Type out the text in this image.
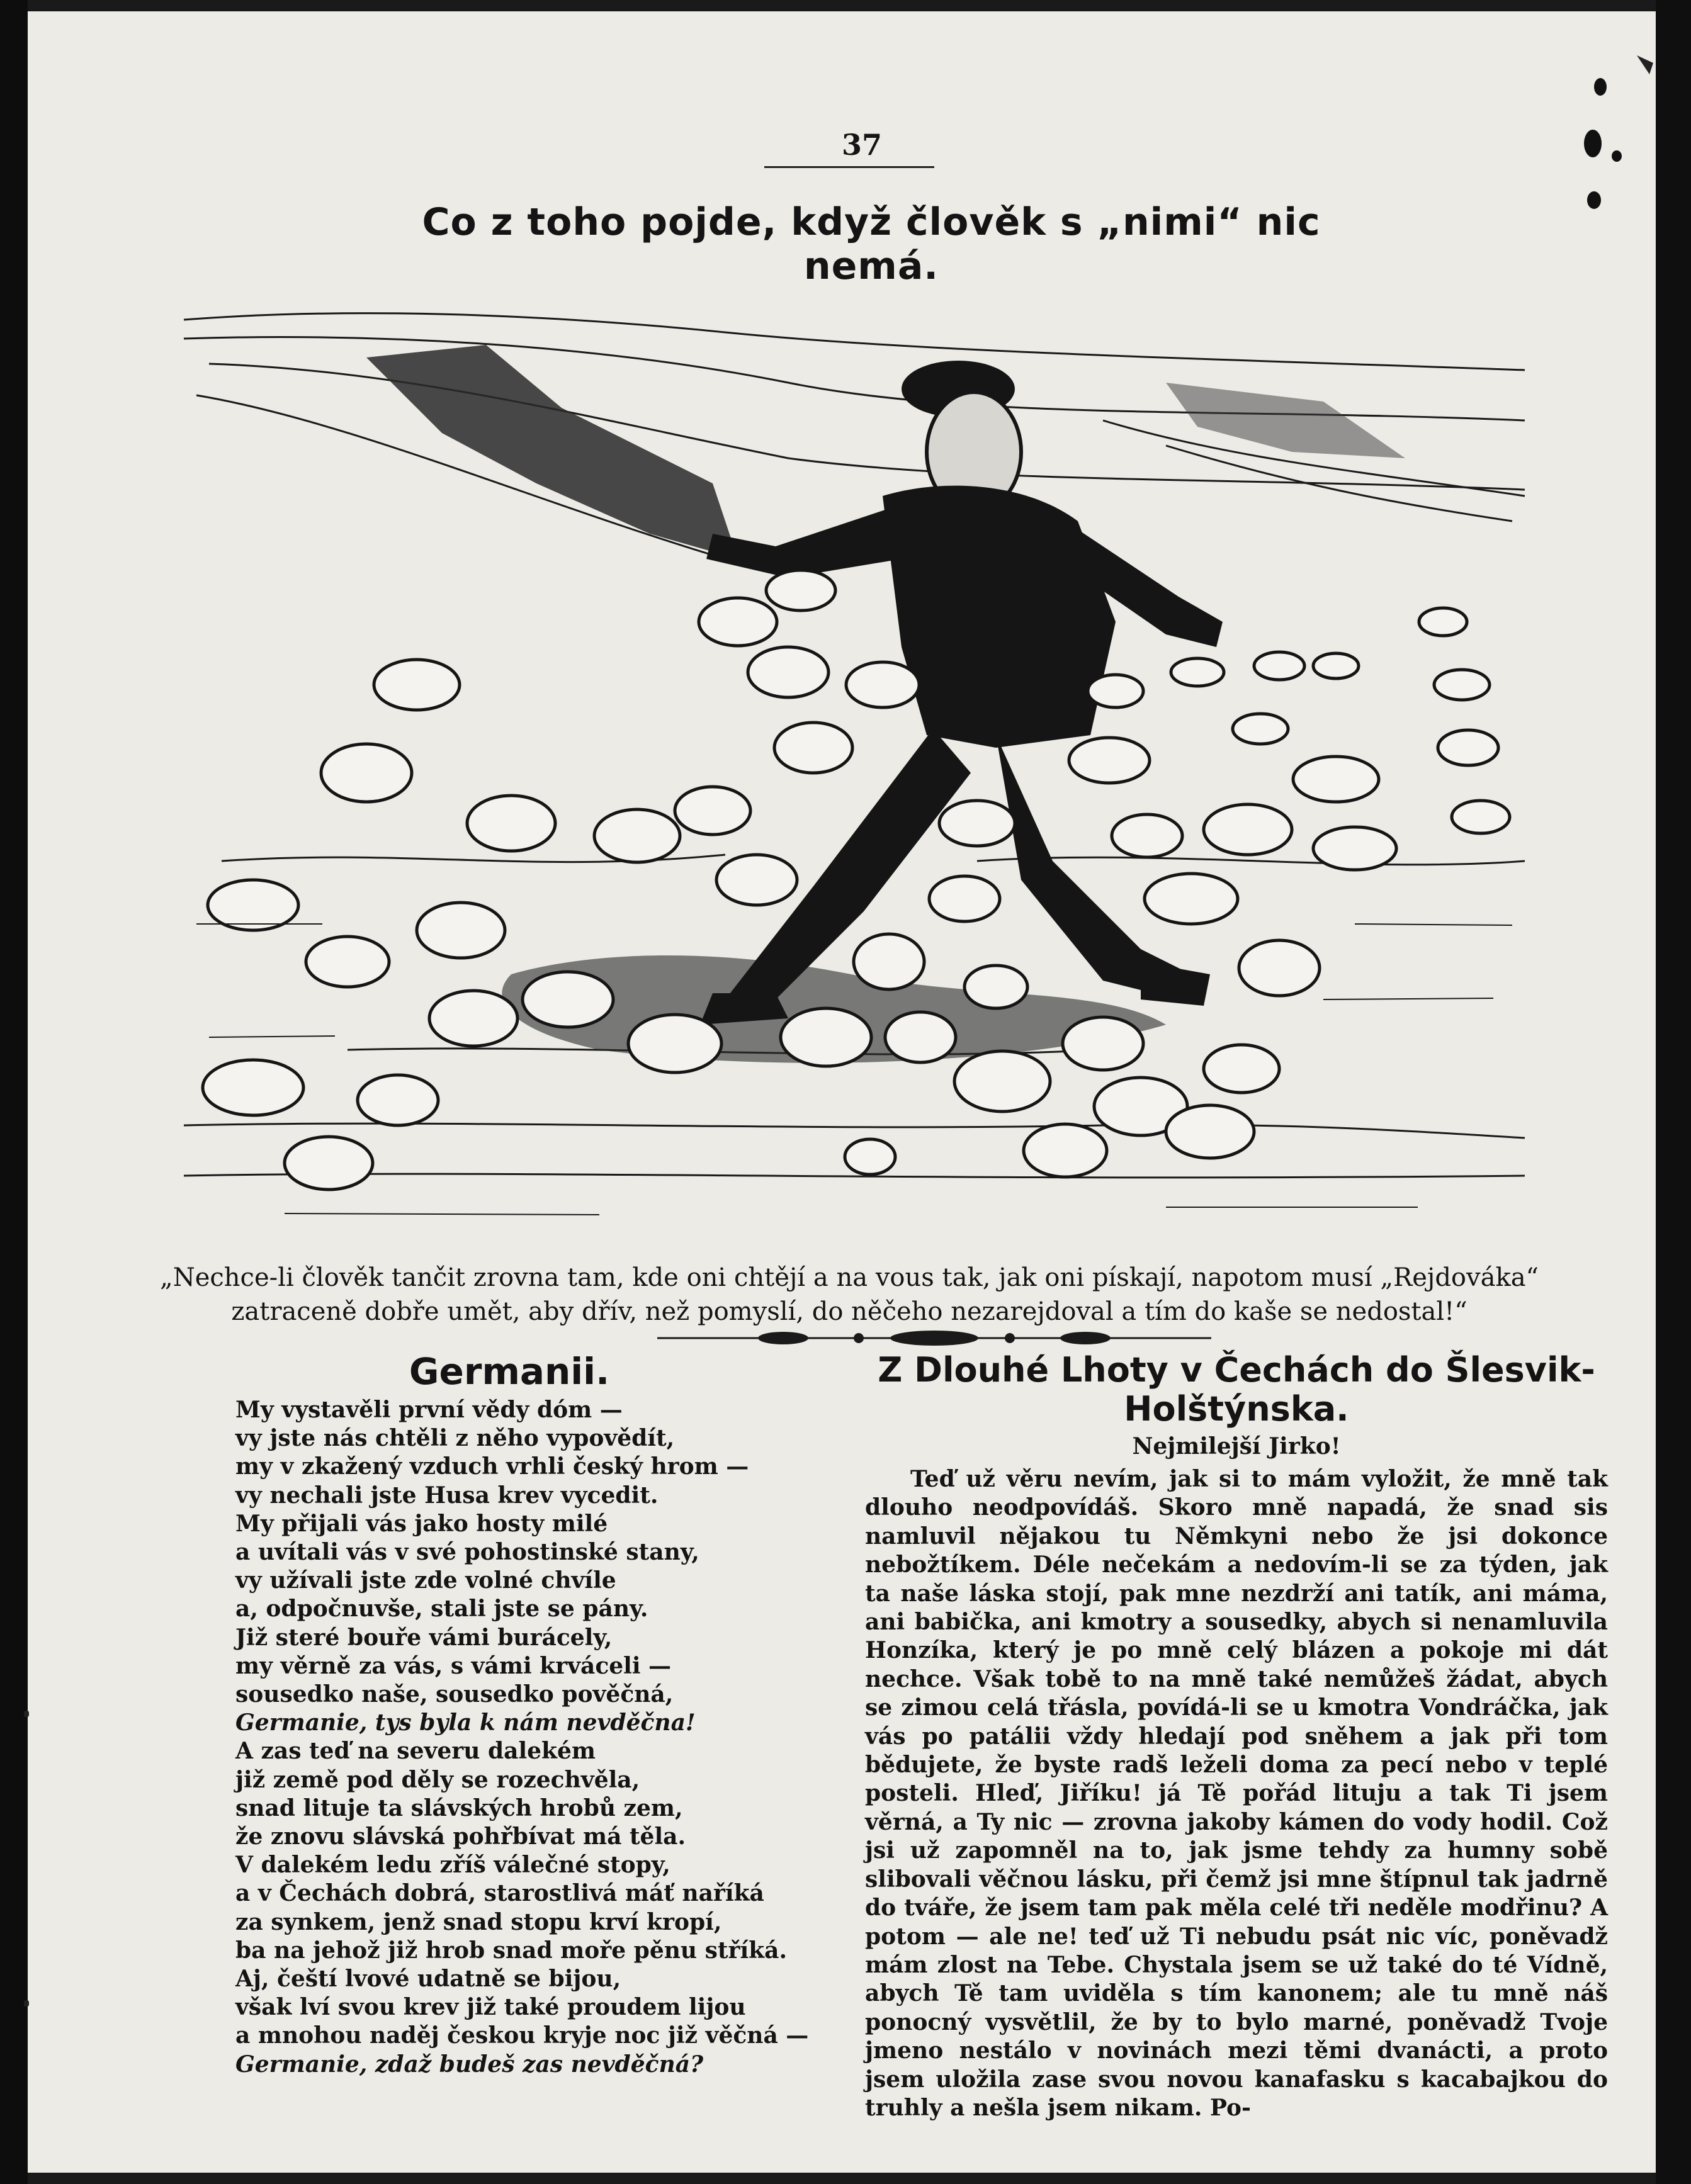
37
Co z toho pojde, když člověk s „nimi“ nic nemá.
„Nechce-li člověk tančit zrovna tam, kde oni chtějí a na vous tak, jak oni pískají, napotom musí „Rejdováka“ zatraceně dobře umět, aby dřív, než pomyslí, do něčeho nezarejdoval a tím do kaše se nedostal!“
Germanii.
My vystavěli první vědy dóm —
vy jste nás chtěli z něho vypovědít,
my v zkažený vzduch vrhli český hrom —
vy nechali jste Husa krev vycedit.
My přijali vás jako hosty milé
a uvítali vás v své pohostinské stany,
vy užívali jste zde volné chvíle
a, odpočnuvše, stali jste se pány.
Již steré bouře vámi burácely,
my věrně za vás, s vámi krváceli —
sousedko naše, sousedko pověčná,
Germanie, tys byla k nám nevděčna!
A zas teď na severu dalekém
již země pod děly se rozechvěla,
snad lituje ta slávských hrobů zem,
že znovu slávská pohřbívat má těla.
V dalekém ledu zříš válečné stopy,
a v Čechách dobrá, starostlivá máť naříká
za synkem, jenž snad stopu krví kropí,
ba na jehož již hrob snad moře pěnu stříká.
Aj, čeští lvové udatně se bijou,
však lví svou krev již také proudem lijou
a mnohou naděj českou kryje noc již věčná —
Germanie, zdaž budeš zas nevděčná?
Z Dlouhé Lhoty v Čechách do Šlesvik-Holštýnska.
Nejmilejší Jirko!
Teď už věru nevím, jak si to mám vyložit, že mně tak dlouho neodpovídáš. Skoro mně napadá, že snad sis namluvil nějakou tu Němkyni nebo že jsi dokonce nebožtíkem. Déle nečekám a nedovím-li se za týden, jak ta naše láska stojí, pak mne nezdrží ani tatík, ani máma, ani babička, ani kmotry a sousedky, abych si nenamluvila Honzíka, který je po mně celý blázen a pokoje mi dát nechce. Však tobě to na mně také nemůžeš žádat, abych se zimou celá třásla, povídá-li se u kmotra Vondráčka, jak vás po patálii vždy hledají pod sněhem a jak při tom bědujete, že byste radš leželi doma za pecí nebo v teplé posteli. Hleď, Jiříku! já Tě pořád lituju a tak Ti jsem věrná, a Ty nic — zrovna jakoby kámen do vody hodil. Což jsi už zapomněl na to, jak jsme tehdy za humny sobě slibovali věčnou lásku, při čemž jsi mne štípnul tak jadrně do tváře, že jsem tam pak měla celé tři neděle modřinu? A potom — ale ne! teď už Ti nebudu psát nic víc, poněvadž mám zlost na Tebe. Chystala jsem se už také do té Vídně, abych Tě tam uviděla s tím kanonem; ale tu mně náš ponocný vysvětlil, že by to bylo marné, poněvadž Tvoje jmeno nestálo v novinách mezi těmi dvanácti, a proto jsem uložila zase svou novou kanafasku s kacabajkou do truhly a nešla jsem nikam. Po-
